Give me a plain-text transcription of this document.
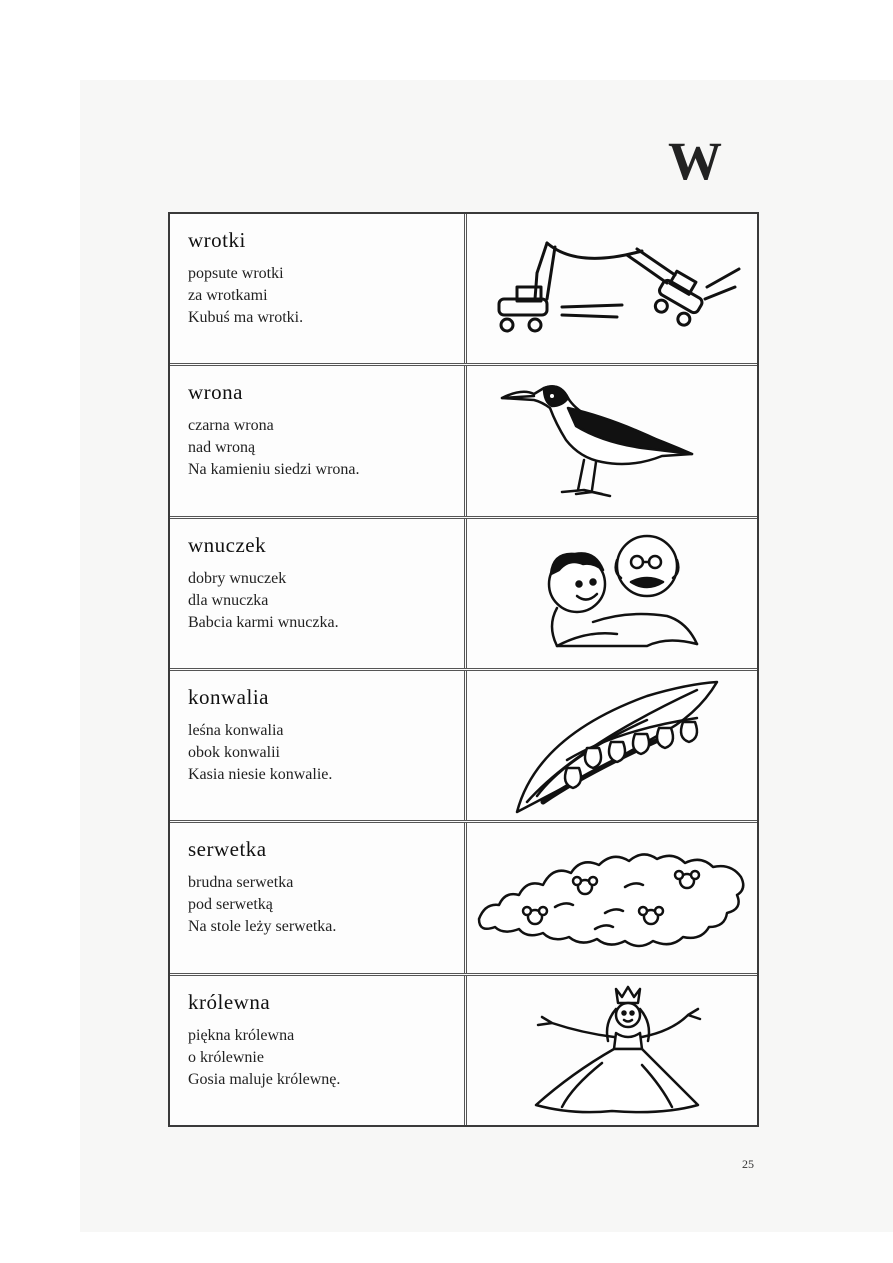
W

wrotki

popsute wrotki

za wrotkami

Kubuś ma wrotki.

wrona

czarna wrona

nad wroną

Na kamieniu siedzi wrona.

wnuczek

dobry wnuczek

dla wnuczka

Babcia karmi wnuczka.

konwalia

leśna konwalia

obok konwalii

Kasia niesie konwalie.

serwetka

brudna serwetka

pod serwetką

Na stole leży serwetka.

królewna

piękna królewna

o królewnie

Gosia maluje królewnę.

25
